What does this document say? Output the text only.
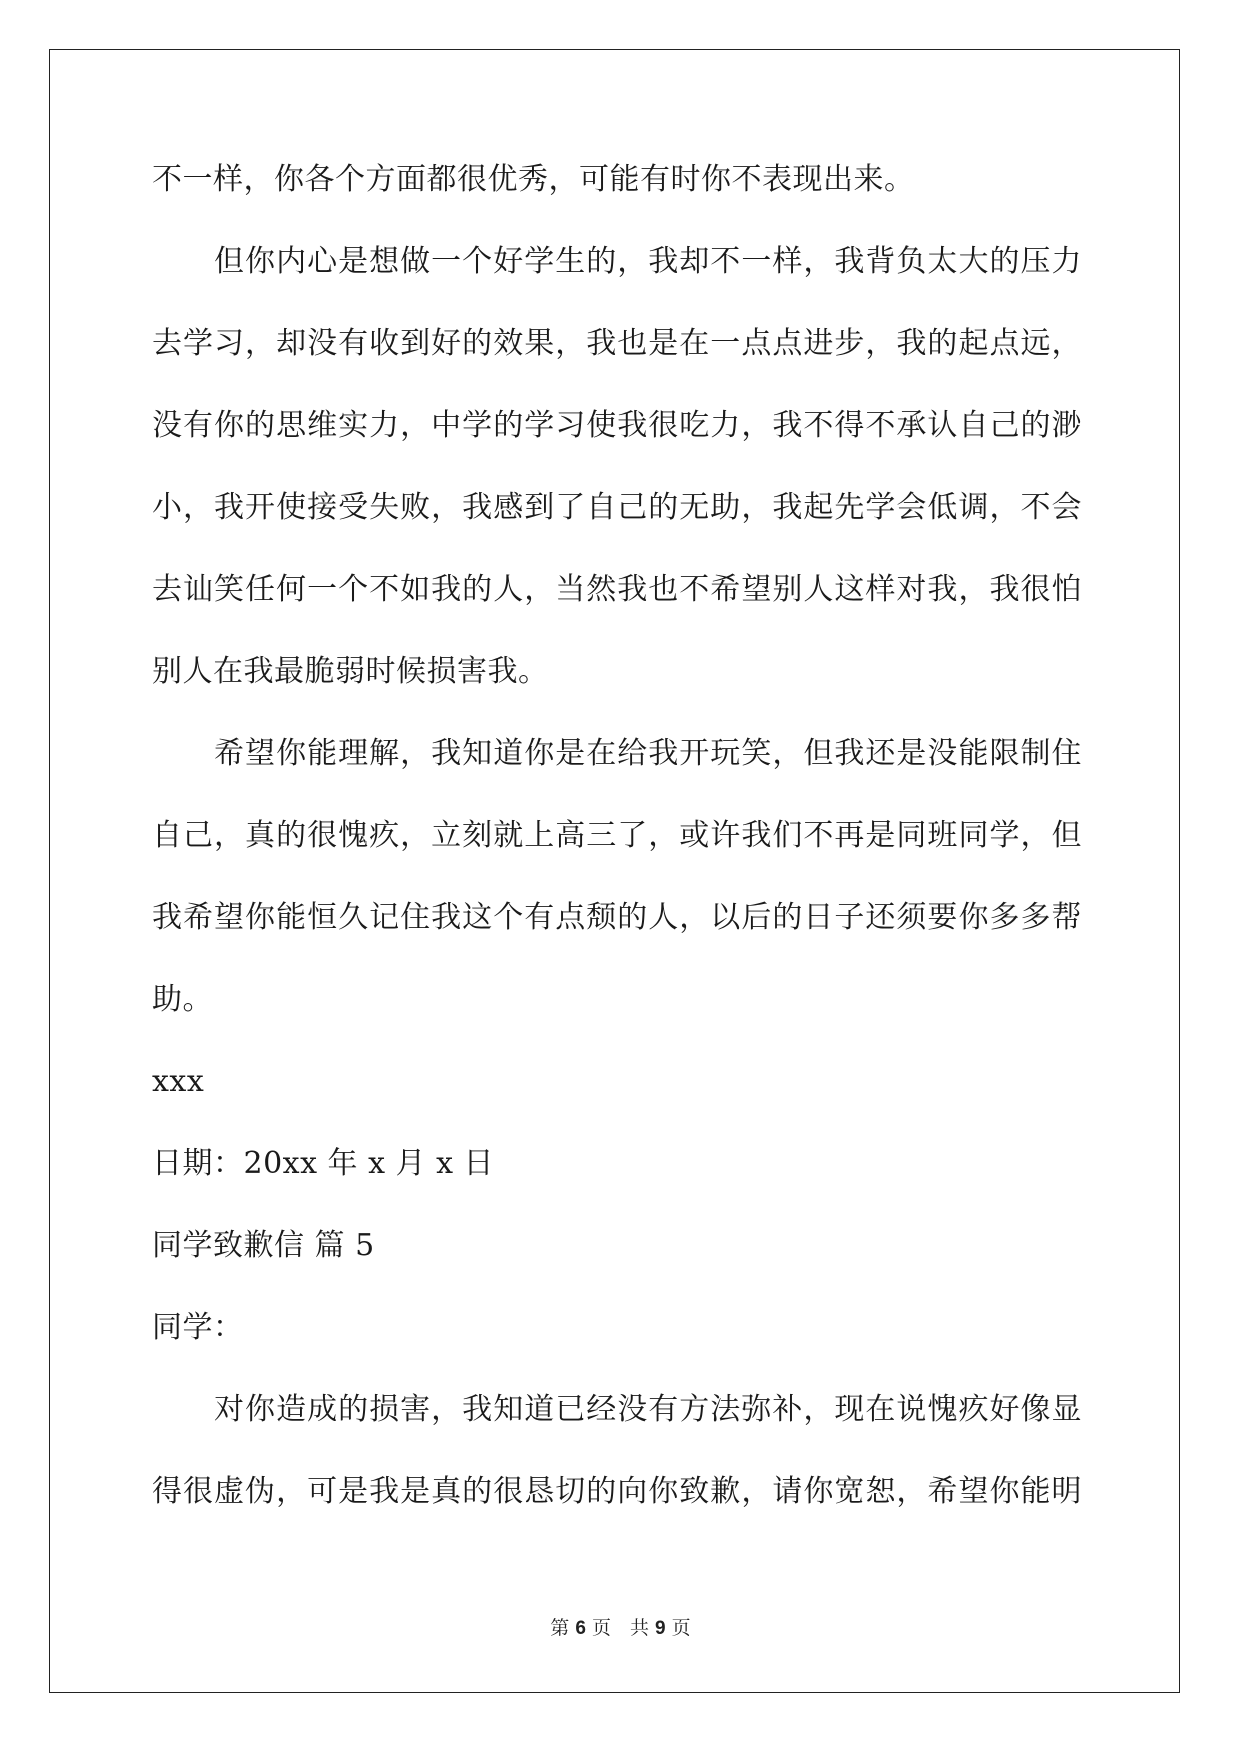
不一样，你各个方面都很优秀，可能有时你不表现出来。
　　但你内心是想做一个好学生的，我却不一样，我背负太大的压力
去学习，却没有收到好的效果，我也是在一点点进步，我的起点远，
没有你的思维实力，中学的学习使我很吃力，我不得不承认自己的渺
小，我开使接受失败，我感到了自己的无助，我起先学会低调，不会
去讪笑任何一个不如我的人，当然我也不希望别人这样对我，我很怕
别人在我最脆弱时候损害我。
　　希望你能理解，我知道你是在给我开玩笑，但我还是没能限制住
自己，真的很愧疚，立刻就上高三了，或许我们不再是同班同学，但
我希望你能恒久记住我这个有点颓的人，以后的日子还须要你多多帮
助。
xxx
日期：20xx 年 x 月 x 日
同学致歉信 篇 5
同学：
　　对你造成的损害，我知道已经没有方法弥补，现在说愧疚好像显
得很虚伪，可是我是真的很恳切的向你致歉，请你宽恕，希望你能明
第 6 页　共 9 页
